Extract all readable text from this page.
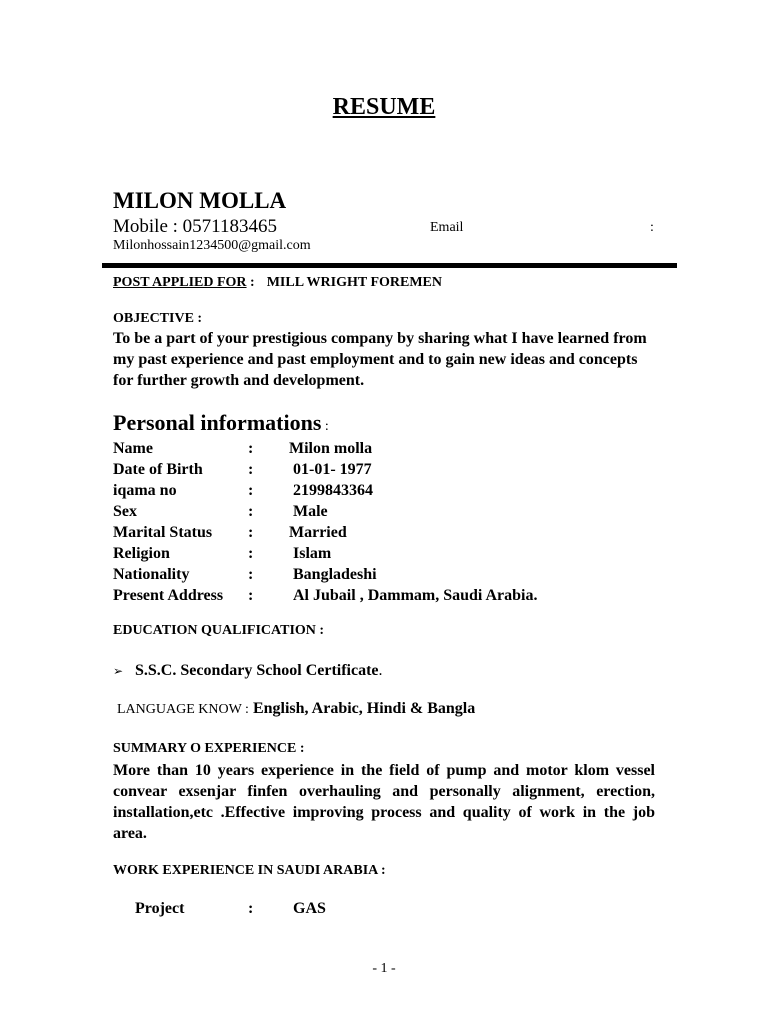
RESUME
MILON MOLLA
Mobile : 0571183465	Email	:
Milonhossain1234500@gmail.com
POST APPLIED FOR : MILL WRIGHT FOREMEN
OBJECTIVE :
To be a part of your prestigious company by sharing what I have learned from my past experience and past employment and to gain new ideas and concepts for further growth and development.
Personal informations :
Name	: Milon molla
Date of Birth	: 01-01- 1977
iqama no	: 2199843364
Sex	: Male
Marital Status : Married
Religion	: Islam
Nationality	: Bangladeshi
Present Address : Al Jubail , Dammam, Saudi Arabia.
EDUCATION QUALIFICATION :
➢ S.S.C. Secondary School Certificate.
LANGUAGE KNOW : English, Arabic, Hindi & Bangla
SUMMARY O EXPERIENCE :
More than 10 years experience in the field of pump and motor klom vessel convear exsenjar finfen overhauling and personally alignment, erection, installation,etc .Effective improving process and quality of work in the job area.
WORK EXPERIENCE IN SAUDI ARABIA :
Project	: GAS
- 1 -
